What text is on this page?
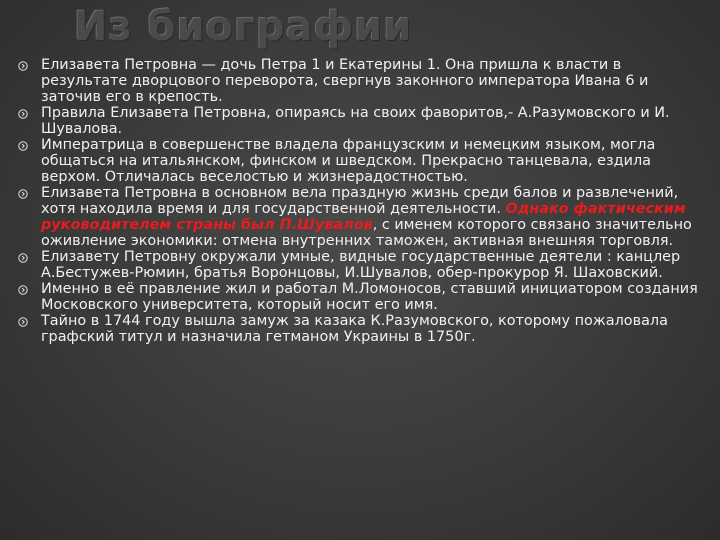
Из биографии
Елизавета Петровна — дочь Петра 1 и Екатерины 1. Она пришла к власти в результате дворцового переворота, свергнув законного императора Ивана 6 и заточив его в крепость.
Правила Елизавета Петровна, опираясь на своих фаворитов,- А.Разумовского и И. Шувалова.
Императрица в совершенстве владела французским и немецким языком, могла общаться на итальянском, финском и шведском. Прекрасно танцевала, ездила верхом. Отличалась веселостью и жизнерадостностью.
Елизавета Петровна в основном вела праздную жизнь среди балов и развлечений, хотя находила время и для государственной деятельности. Однако фактическим руководителем страны был П.Шувалов, с именем которого связано значительно оживление экономики: отмена внутренних таможен, активная внешняя торговля.
Елизавету Петровну окружали умные, видные государственные деятели : канцлер А.Бестужев-Рюмин, братья Воронцовы, И.Шувалов, обер-прокурор Я. Шаховский.
Именно в её правление жил и работал М.Ломоносов, ставший инициатором создания Московского университета, который носит его имя.
Тайно в 1744 году вышла замуж за казака К.Разумовского, которому пожаловала графский титул и назначила гетманом Украины в 1750г.
